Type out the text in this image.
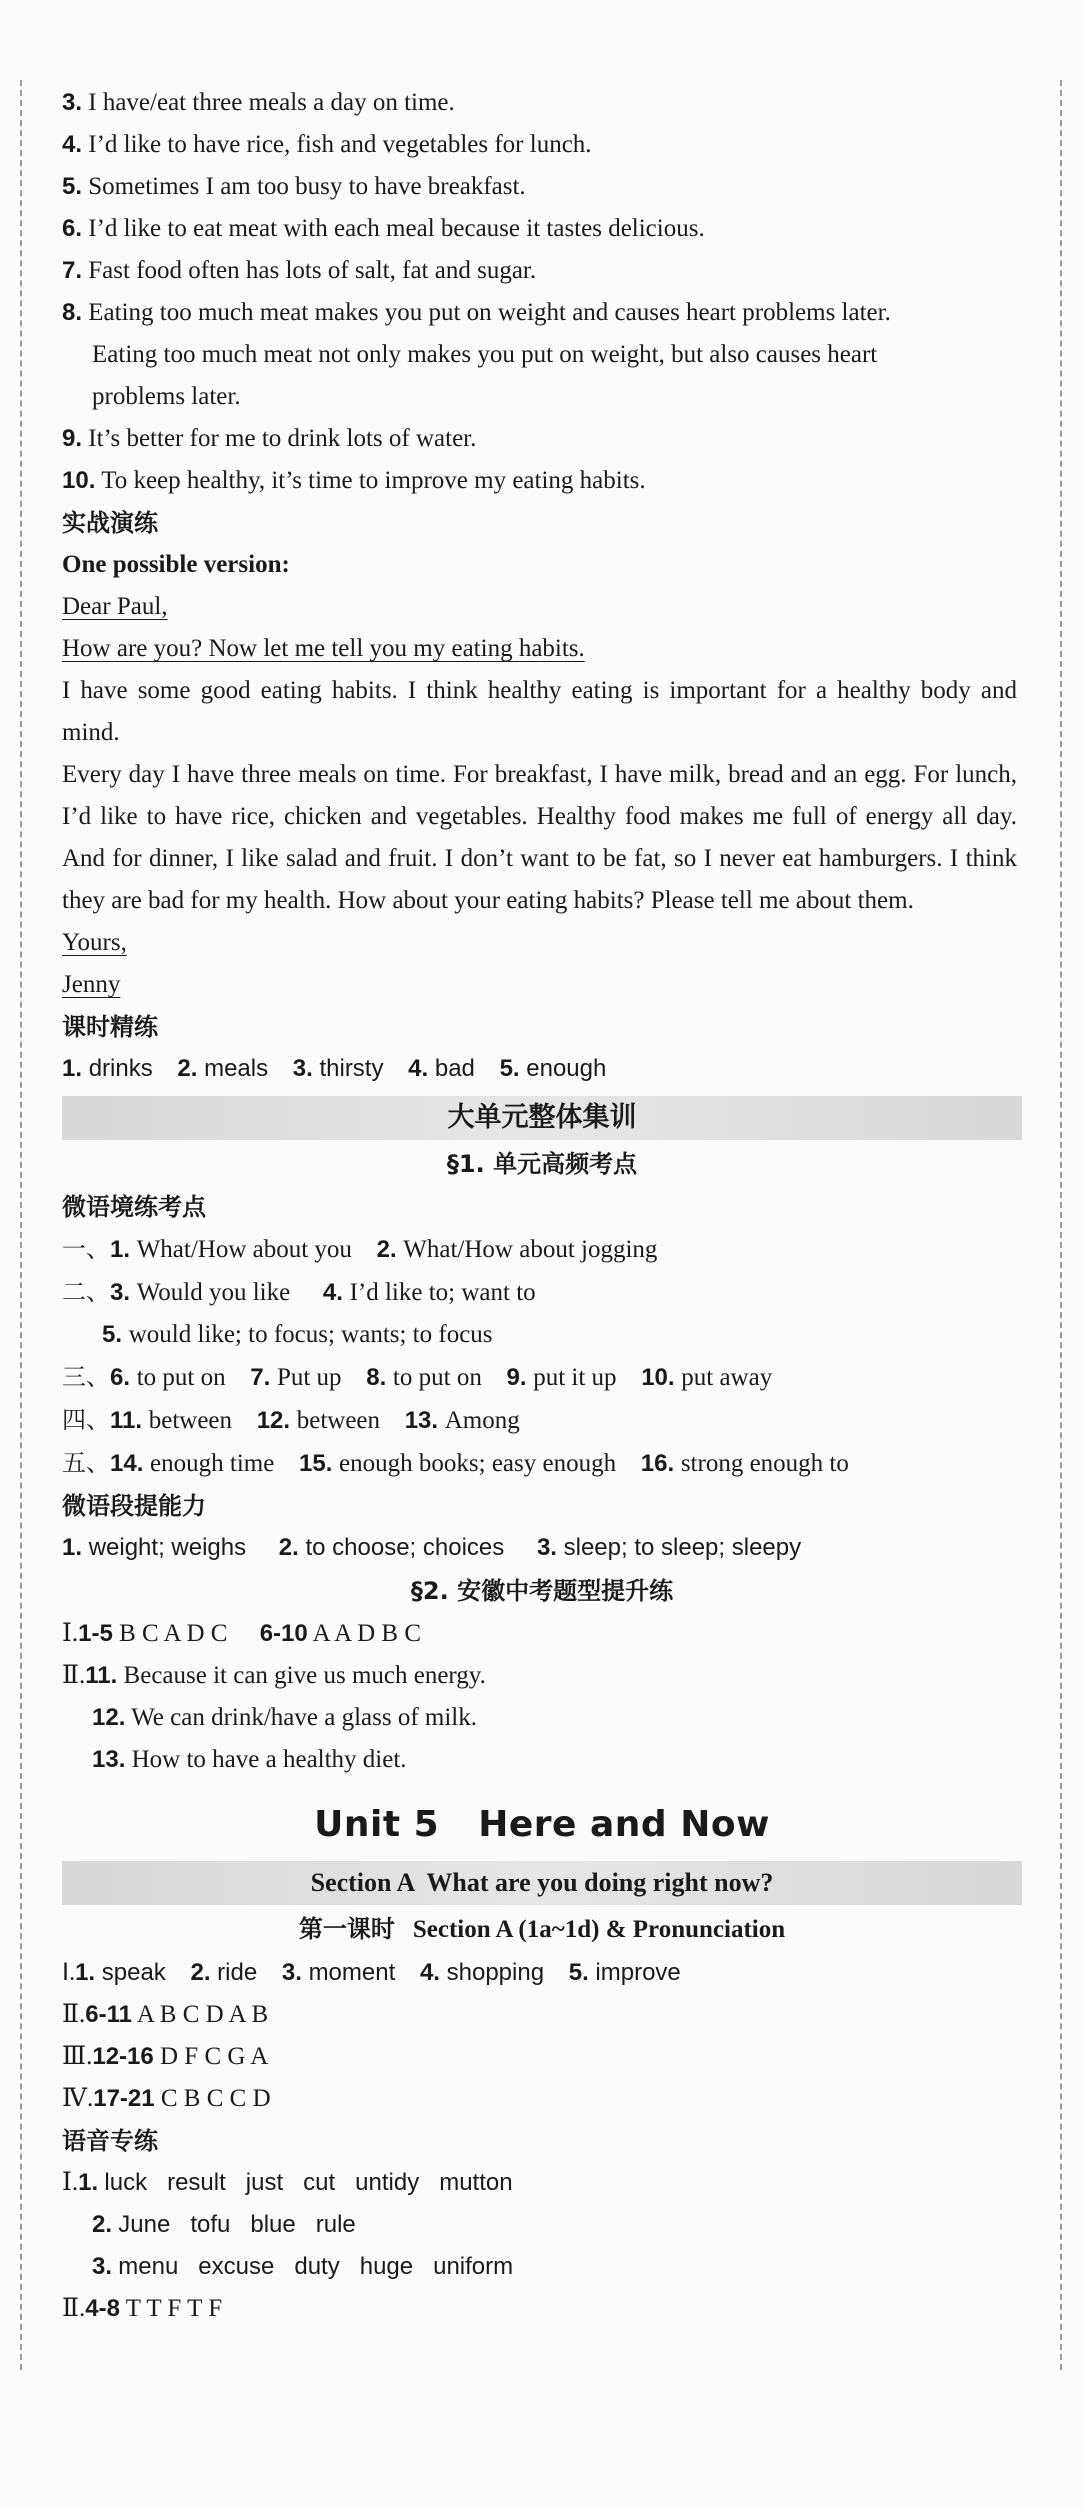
3. I have/eat three meals a day on time.
4. I’d like to have rice, fish and vegetables for lunch.
5. Sometimes I am too busy to have breakfast.
6. I’d like to eat meat with each meal because it tastes delicious.
7. Fast food often has lots of salt, fat and sugar.
8. Eating too much meat makes you put on weight and causes heart problems later.
Eating too much meat not only makes you put on weight, but also causes heart
problems later.
9. It’s better for me to drink lots of water.
10. To keep healthy, it’s time to improve my eating habits.
实战演练
One possible version:
Dear Paul,
How are you? Now let me tell you my eating habits.
I have some good eating habits. I think healthy eating is important for a healthy body and mind.
Every day I have three meals on time. For breakfast, I have milk, bread and an egg. For lunch, I’d like to have rice, chicken and vegetables. Healthy food makes me full of energy all day. And for dinner, I like salad and fruit. I don’t want to be fat, so I never eat hamburgers. I think they are bad for my health. How about your eating habits? Please tell me about them.
Yours,
Jenny
课时精练
1. drinks 2. meals 3. thirsty 4. bad 5. enough
大单元整体集训
§1. 单元高频考点
微语境练考点
一、1. What/How about you 2. What/How about jogging
二、3. Would you like 4. I’d like to; want to
5. would like; to focus; wants; to focus
三、6. to put on 7. Put up 8. to put on 9. put it up 10. put away
四、11. between 12. between 13. Among
五、14. enough time 15. enough books; easy enough 16. strong enough to
微语段提能力
1. weight; weighs 2. to choose; choices 3. sleep; to sleep; sleepy
§2. 安徽中考题型提升练
Ⅰ.1-5 B C A D C 6-10 A A D B C
Ⅱ.11. Because it can give us much energy.
12. We can drink/have a glass of milk.
13. How to have a healthy diet.
Unit 5   Here and Now
Section A  What are you doing right now?
第一课时 Section A (1a~1d) & Pronunciation
Ⅰ.1. speak 2. ride 3. moment 4. shopping 5. improve
Ⅱ.6-11 A B C D A B
Ⅲ.12-16 D F C G A
Ⅳ.17-21 C B C C D
语音专练
Ⅰ.1. luck   result   just   cut   untidy   mutton
2. June   tofu   blue   rule
3. menu   excuse   duty   huge   uniform
Ⅱ.4-8 T T F T F
